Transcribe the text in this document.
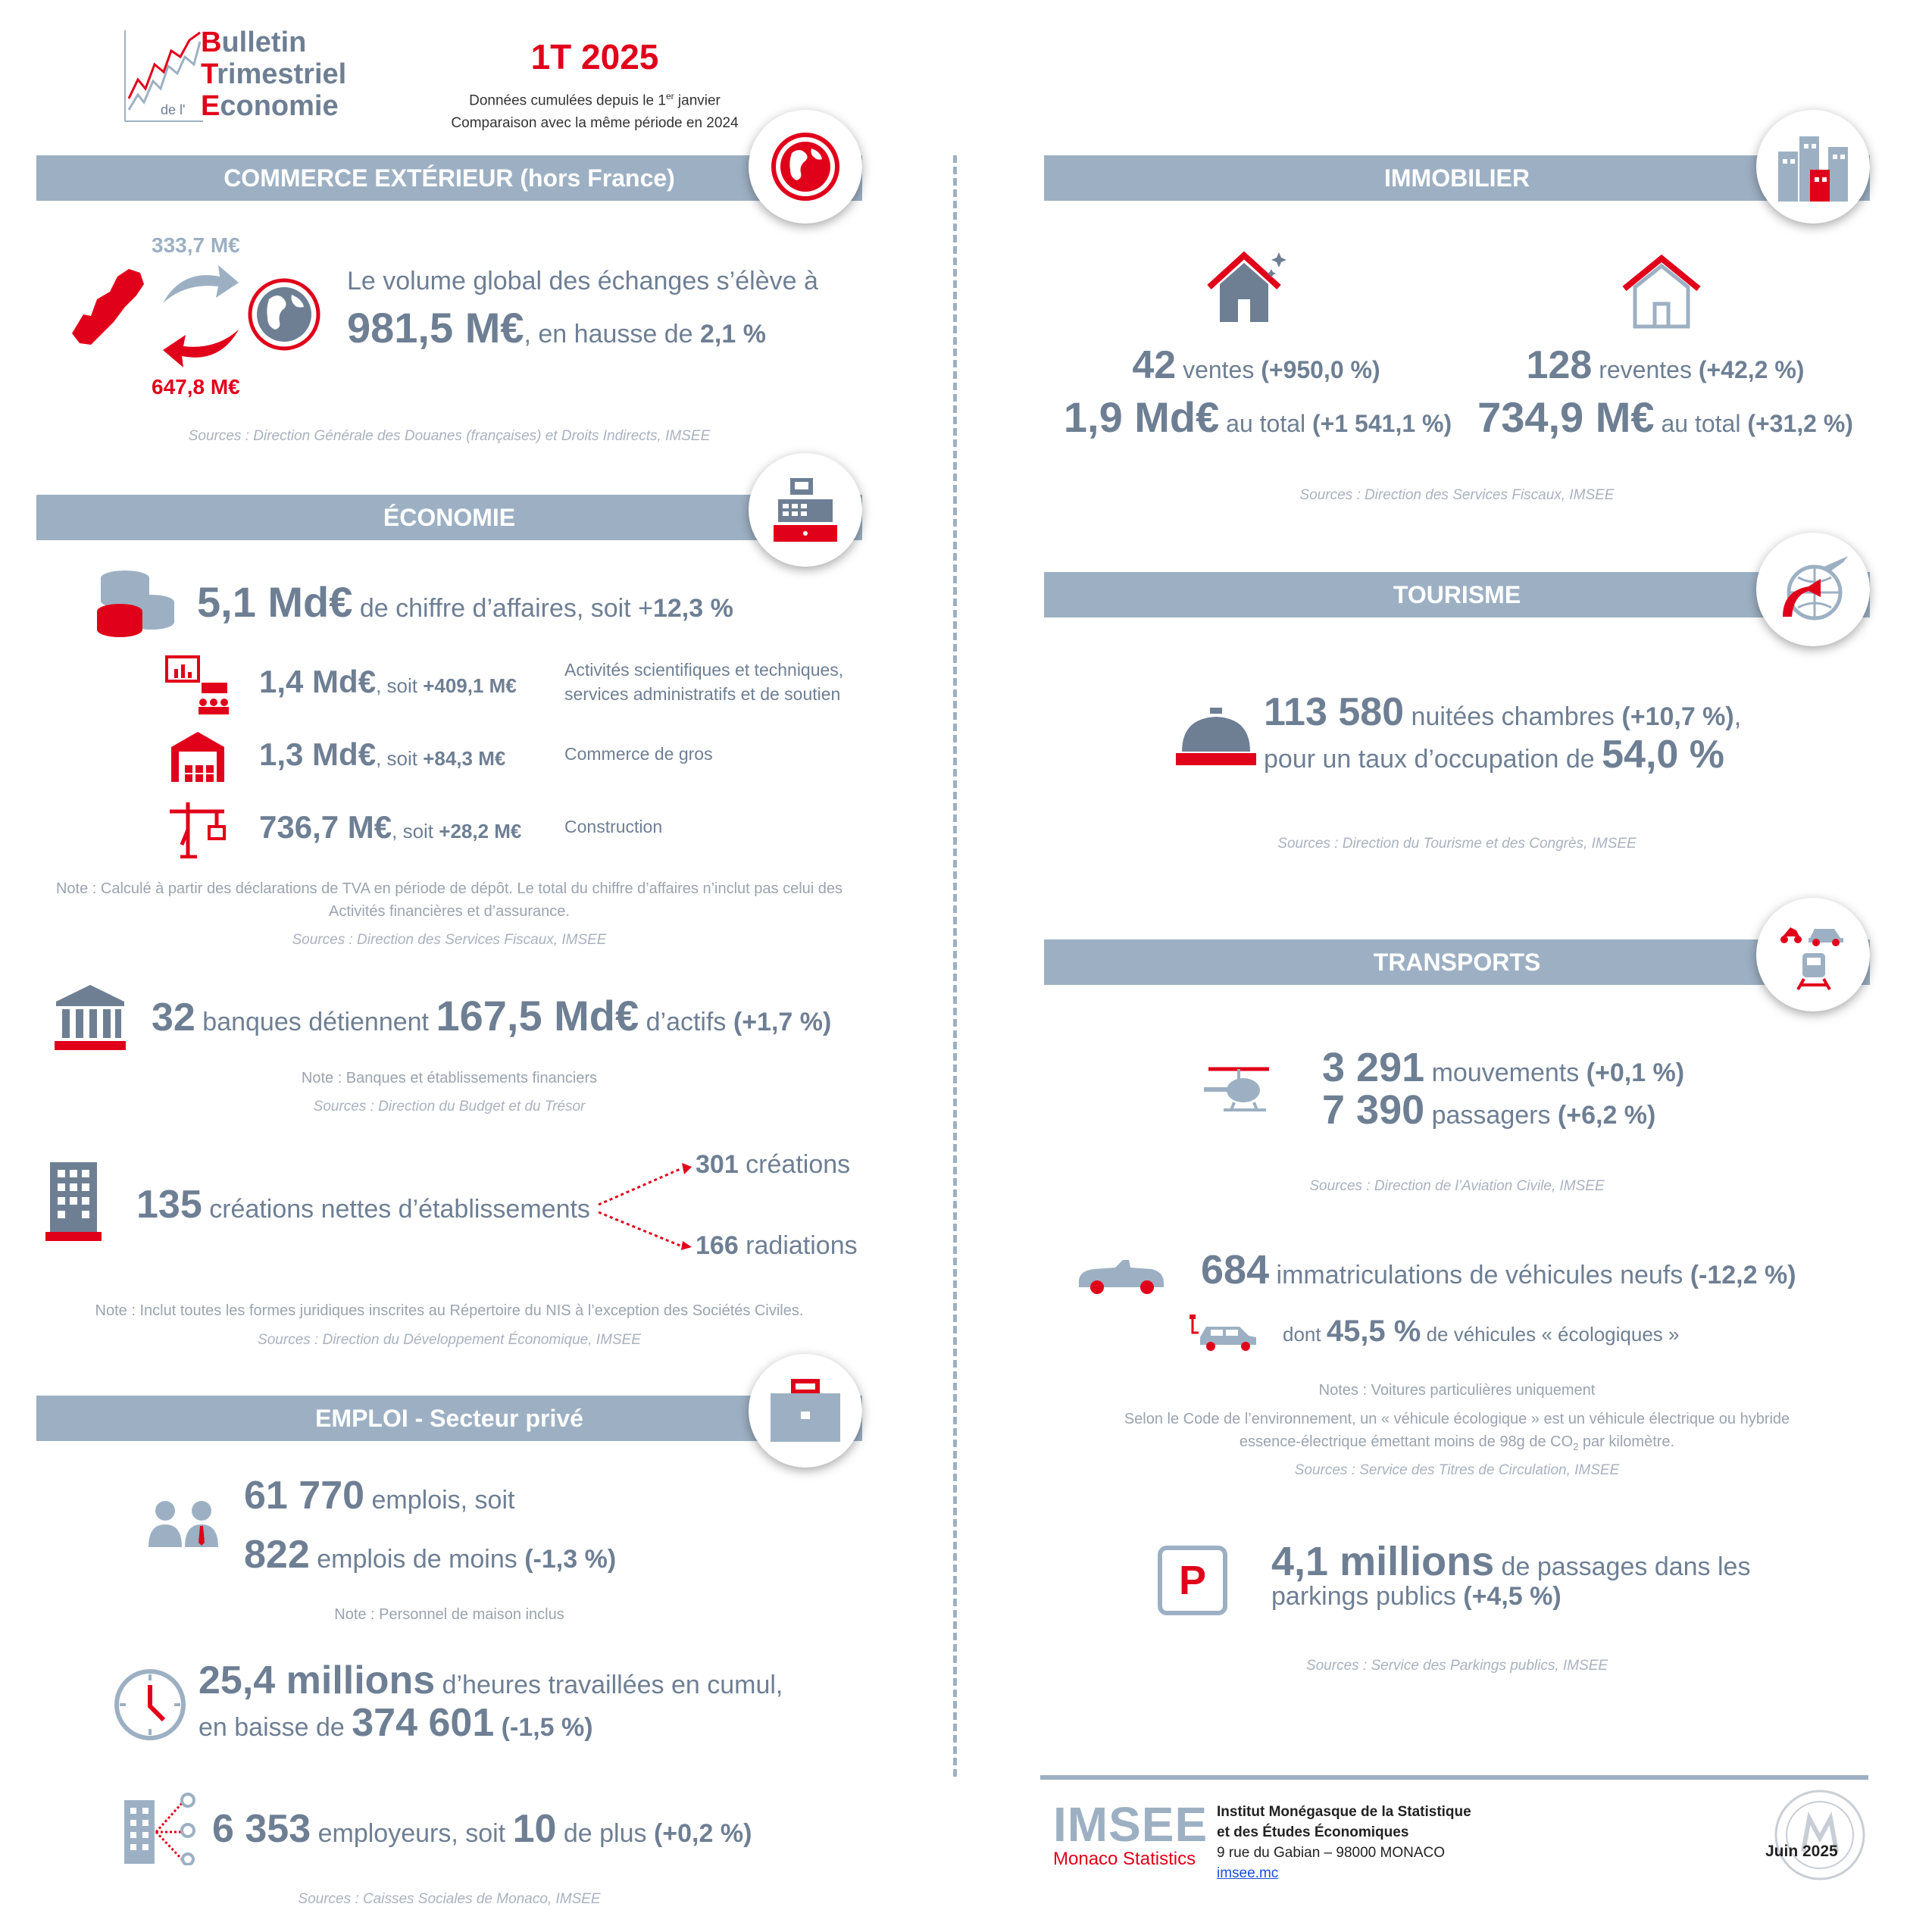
Bulletin
Trimestriel
Economie
de l'
1T 2025
Données cumulées depuis le 1er janvier
Comparaison avec la même période en 2024
COMMERCE EXTÉRIEUR (hors France)
333,7 M€
647,8 M€
Le volume global des échanges s’élève à
981,5 M€, en hausse de 2,1 %
Sources : Direction Générale des Douanes (françaises) et Droits Indirects, IMSEE
ÉCONOMIE
5,1 Md€ de chiffre d’affaires, soit +12,3 %
1,4 Md€, soit +409,1 M€
Activités scientifiques et techniques, services administratifs et de soutien
1,3 Md€, soit +84,3 M€	Commerce de gros
736,7 M€, soit +28,2 M€ Construction
Note : Calculé à partir des déclarations de TVA en période de dépôt. Le total du chiffre d’affaires n’inclut pas celui des Activités financières et d’assurance.
Sources : Direction des Services Fiscaux, IMSEE
32 banques détiennent 167,5 Md€ d’actifs (+1,7 %)
Note : Banques et établissements financiers
Sources : Direction du Budget et du Trésor
135 créations nettes d’établissements
301 créations
166 radiations
Note : Inclut toutes les formes juridiques inscrites au Répertoire du NIS à l’exception des Sociétés Civiles.
Sources : Direction du Développement Économique, IMSEE
EMPLOI - Secteur privé
61 770 emplois, soit
822 emplois de moins (-1,3 %)
Note : Personnel de maison inclus
25,4 millions d’heures travaillées en cumul,
en baisse de 374 601 (-1,5 %)
6 353 employeurs, soit 10 de plus (+0,2 %)
Sources : Caisses Sociales de Monaco, IMSEE
IMMOBILIER
42 ventes (+950,0 %)
1,9 Md€ au total (+1 541,1 %)
128 reventes (+42,2 %)
734,9 M€ au total (+31,2 %)
Sources : Direction des Services Fiscaux, IMSEE
TOURISME
113 580 nuitées chambres (+10,7 %),
pour un taux d’occupation de 54,0 %
Sources : Direction du Tourisme et des Congrès, IMSEE
TRANSPORTS
3 291 mouvements (+0,1 %)
7 390 passagers (+6,2 %)
Sources : Direction de l’Aviation Civile, IMSEE
684 immatriculations de véhicules neufs (-12,2 %)
dont 45,5 % de véhicules « écologiques »
Notes : Voitures particulières uniquement
Selon le Code de l’environnement, un « véhicule écologique » est un véhicule électrique ou hybride
essence-électrique émettant moins de 98g de $CO_2$ par kilomètre.
Sources : Service des Titres de Circulation, IMSEE
P	4,1 millions de passages dans les
parkings publics (+4,5 %)
Sources : Service des Parkings publics, IMSEE
IMSEE
Monaco Statistics
Institut Monégasque de la Statistique
et des Études Économiques
9 rue du Gabian – 98000 MONACO
imsee.mc
Juin 2025
